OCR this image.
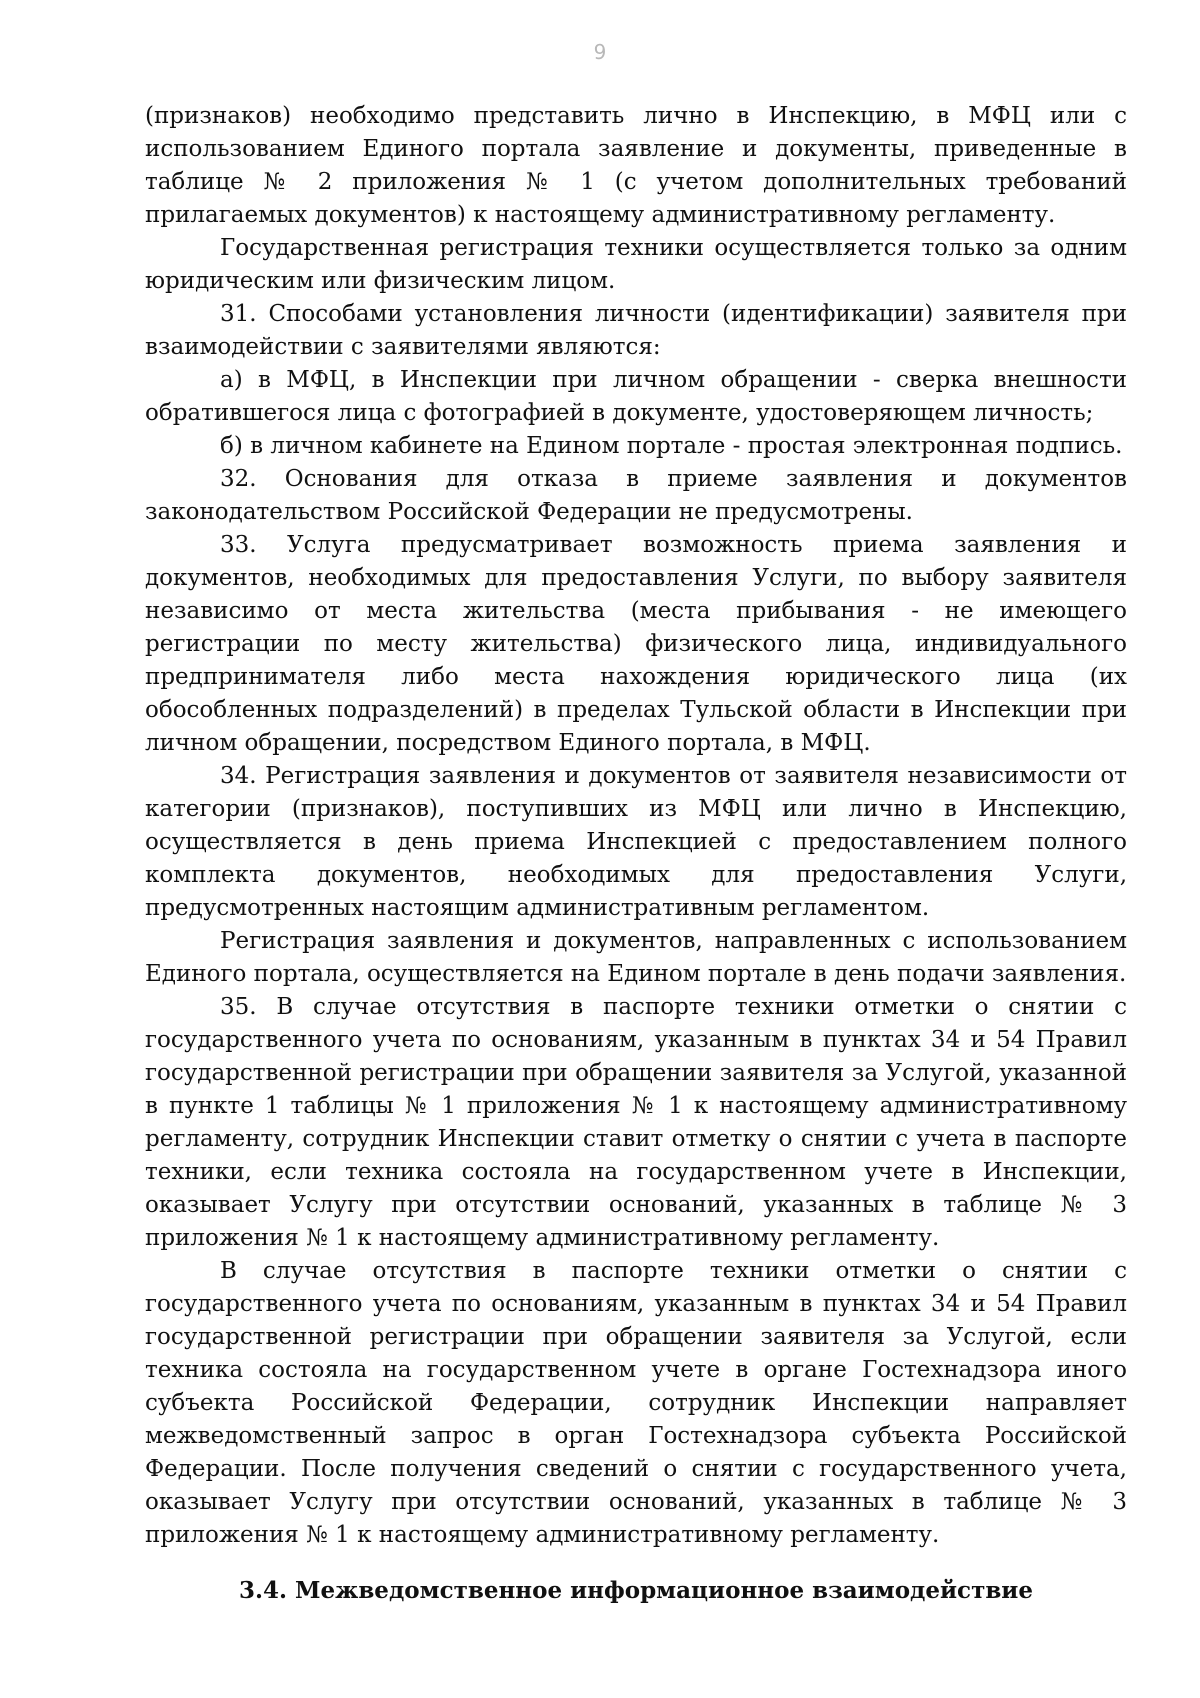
9

(признаков) необходимо представить лично в Инспекцию, в МФЦ или с использованием Единого портала заявление и документы, приведенные в таблице № 2 приложения № 1 (с учетом дополнительных требований прилагаемых документов) к настоящему административному регламенту.

Государственная регистрация техники осуществляется только за одним юридическим или физическим лицом.

31. Способами установления личности (идентификации) заявителя при взаимодействии с заявителями являются:

а) в МФЦ, в Инспекции при личном обращении - сверка внешности обратившегося лица с фотографией в документе, удостоверяющем личность;

б) в личном кабинете на Едином портале - простая электронная подпись.

32. Основания для отказа в приеме заявления и документов законодательством Российской Федерации не предусмотрены.

33. Услуга предусматривает возможность приема заявления и документов, необходимых для предоставления Услуги, по выбору заявителя независимо от места жительства (места прибывания - не имеющего регистрации по месту жительства) физического лица, индивидуального предпринимателя либо места нахождения юридического лица (их обособленных подразделений) в пределах Тульской области в Инспекции при личном обращении, посредством Единого портала, в МФЦ.

34. Регистрация заявления и документов от заявителя независимости от категории (признаков), поступивших из МФЦ или лично в Инспекцию, осуществляется в день приема Инспекцией с предоставлением полного комплекта документов, необходимых для предоставления Услуги, предусмотренных настоящим административным регламентом.

Регистрация заявления и документов, направленных с использованием Единого портала, осуществляется на Едином портале в день подачи заявления.

35. В случае отсутствия в паспорте техники отметки о снятии с государственного учета по основаниям, указанным в пунктах 34 и 54 Правил государственной регистрации при обращении заявителя за Услугой, указанной в пункте 1 таблицы № 1 приложения № 1 к настоящему административному регламенту, сотрудник Инспекции ставит отметку о снятии с учета в паспорте техники, если техника состояла на государственном учете в Инспекции, оказывает Услугу при отсутствии оснований, указанных в таблице № 3 приложения № 1 к настоящему административному регламенту.

В случае отсутствия в паспорте техники отметки о снятии с государственного учета по основаниям, указанным в пунктах 34 и 54 Правил государственной регистрации при обращении заявителя за Услугой, если техника состояла на государственном учете в органе Гостехнадзора иного субъекта Российской Федерации, сотрудник Инспекции направляет межведомственный запрос в орган Гостехнадзора субъекта Российской Федерации. После получения сведений о снятии с государственного учета, оказывает Услугу при отсутствии оснований, указанных в таблице № 3 приложения № 1 к настоящему административному регламенту.

3.4. Межведомственное информационное взаимодействие
